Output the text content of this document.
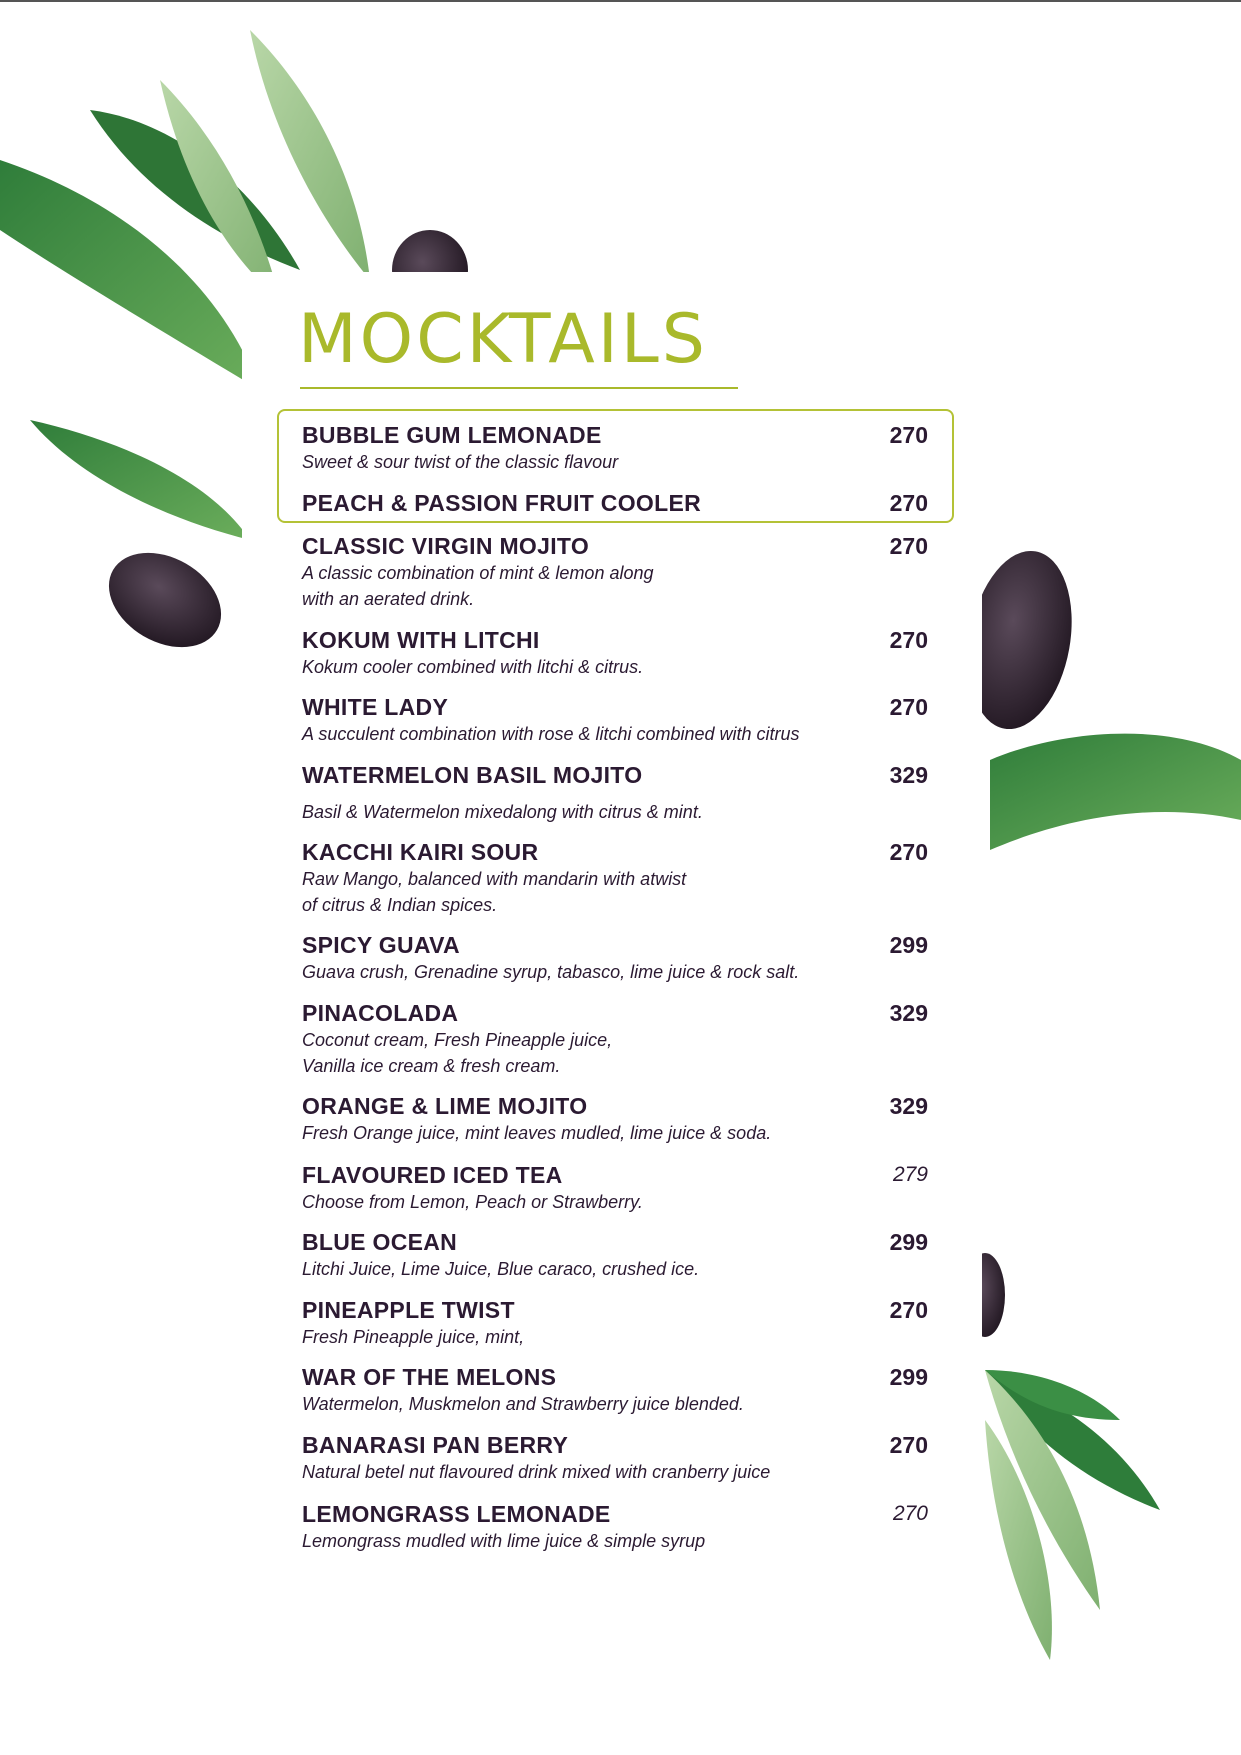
MOCKTAILS
BUBBLE GUM LEMONADE	270
Sweet & sour twist of the classic flavour
PEACH & PASSION FRUIT COOLER	270
CLASSIC VIRGIN MOJITO	270
A classic combination of mint & lemon along
with an aerated drink.
KOKUM WITH LITCHI	270
Kokum cooler combined with litchi & citrus.
WHITE LADY	270
A succulent combination with rose & litchi combined with citrus
WATERMELON BASIL MOJITO	329
Basil & Watermelon mixedalong with citrus & mint.
KACCHI KAIRI SOUR	270
Raw Mango, balanced with mandarin with atwist
of citrus & Indian spices.
SPICY GUAVA	299
Guava crush, Grenadine syrup, tabasco, lime juice & rock salt.
PINACOLADA	329
Coconut cream, Fresh Pineapple juice,
Vanilla ice cream & fresh cream.
ORANGE & LIME MOJITO	329
Fresh Orange juice, mint leaves mudled, lime juice & soda.
FLAVOURED ICED TEA	279
Choose from Lemon, Peach or Strawberry.
BLUE OCEAN	299
Litchi Juice, Lime Juice, Blue caraco, crushed ice.
PINEAPPLE TWIST	270
Fresh Pineapple juice, mint,
WAR OF THE MELONS	299
Watermelon, Muskmelon and Strawberry juice blended.
BANARASI PAN BERRY	270
Natural betel nut flavoured drink mixed with cranberry juice
LEMONGRASS LEMONADE	270
Lemongrass mudled with lime juice & simple syrup
